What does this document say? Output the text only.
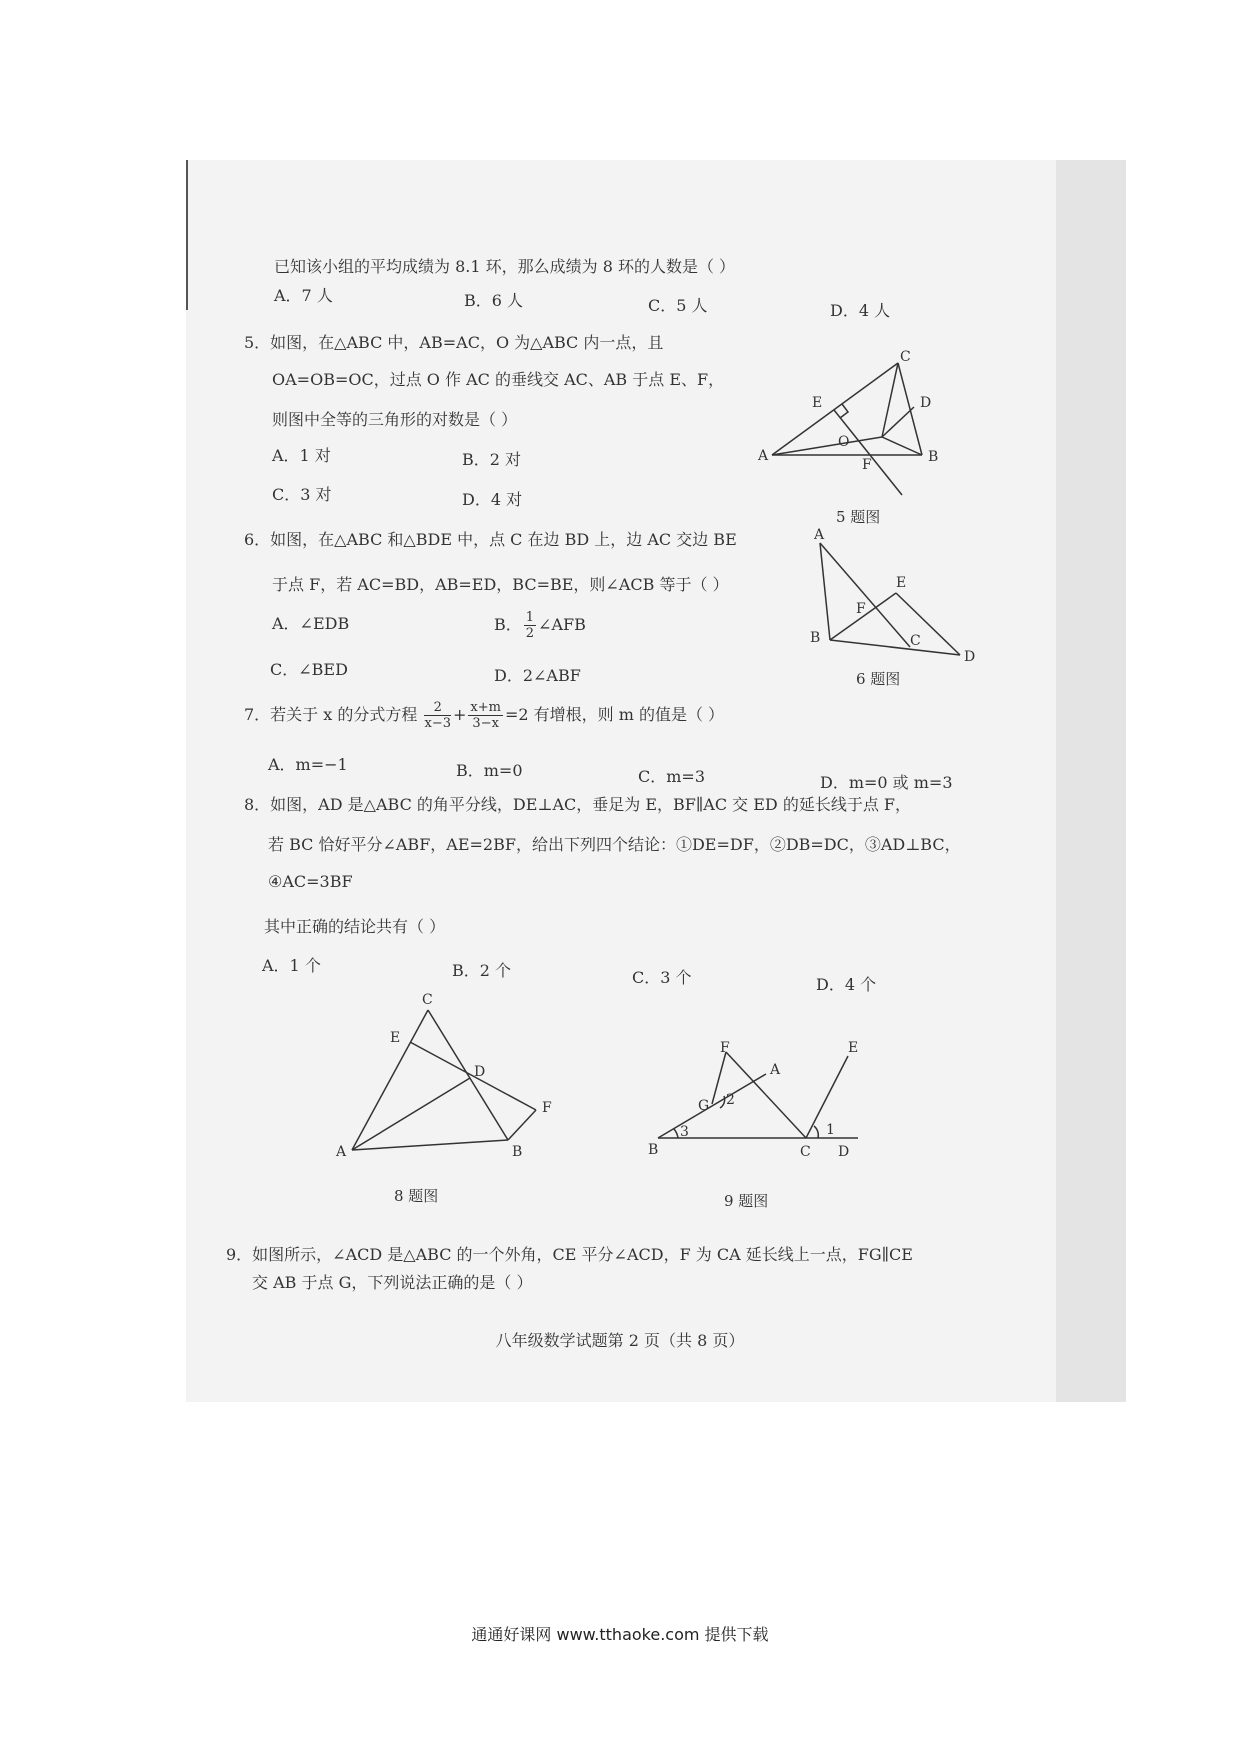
已知该小组的平均成绩为 8.1 环，那么成绩为 8 环的人数是（ ）
A．7 人	B．6 人	C．5 人	D．4 人
5．如图，在△ABC 中，AB=AC，O 为△ABC 内一点，且
OA=OB=OC，过点 O 作 AC 的垂线交 AC、AB 于点 E、F，
则图中全等的三角形的对数是（ ）
A．1 对	B．2 对
C．3 对	D．4 对
A	B
C
D
E
F
O
5 题图
6．如图，在△ABC 和△BDE 中，点 C 在边 BD 上，边 AC 交边 BE
于点 F，若 AC=BD，AB=ED，BC=BE，则∠ACB 等于（ ）
A．∠EDB	B． $\frac{1}{2}$ ∠AFB
C．∠BED	D．2∠ABF
A
B	C
D
E
F
6 题图
7．若关于 x 的分式方程 $\frac{2}{x-3} + \frac{x+m}{3-x} =2$ 有增根，则 m 的值是（ ）
A．m=−1	B．m=0	C．m=3	D．m=0 或 m=3
8．如图，AD 是△ABC 的角平分线，DE⊥AC，垂足为 E，BF∥AC 交 ED 的延长线于点 F，
若 BC 恰好平分∠ABF，AE=2BF，给出下列四个结论：①DE=DF，②DB=DC，③AD⊥BC，
④AC=3BF
其中正确的结论共有（ ）
A．1 个	B．2 个	C．3 个	D．4 个
A	B
C
D
E
F
8 题图
B	C D
A
E
F
G
1
2
3
9 题图
9．如图所示，∠ACD 是△ABC 的一个外角，CE 平分∠ACD，F 为 CA 延长线上一点，FG∥CE
交 AB 于点 G，下列说法正确的是（ ）
八年级数学试题第 2 页（共 8 页）
通通好课网 www.tthaoke.com 提供下载
